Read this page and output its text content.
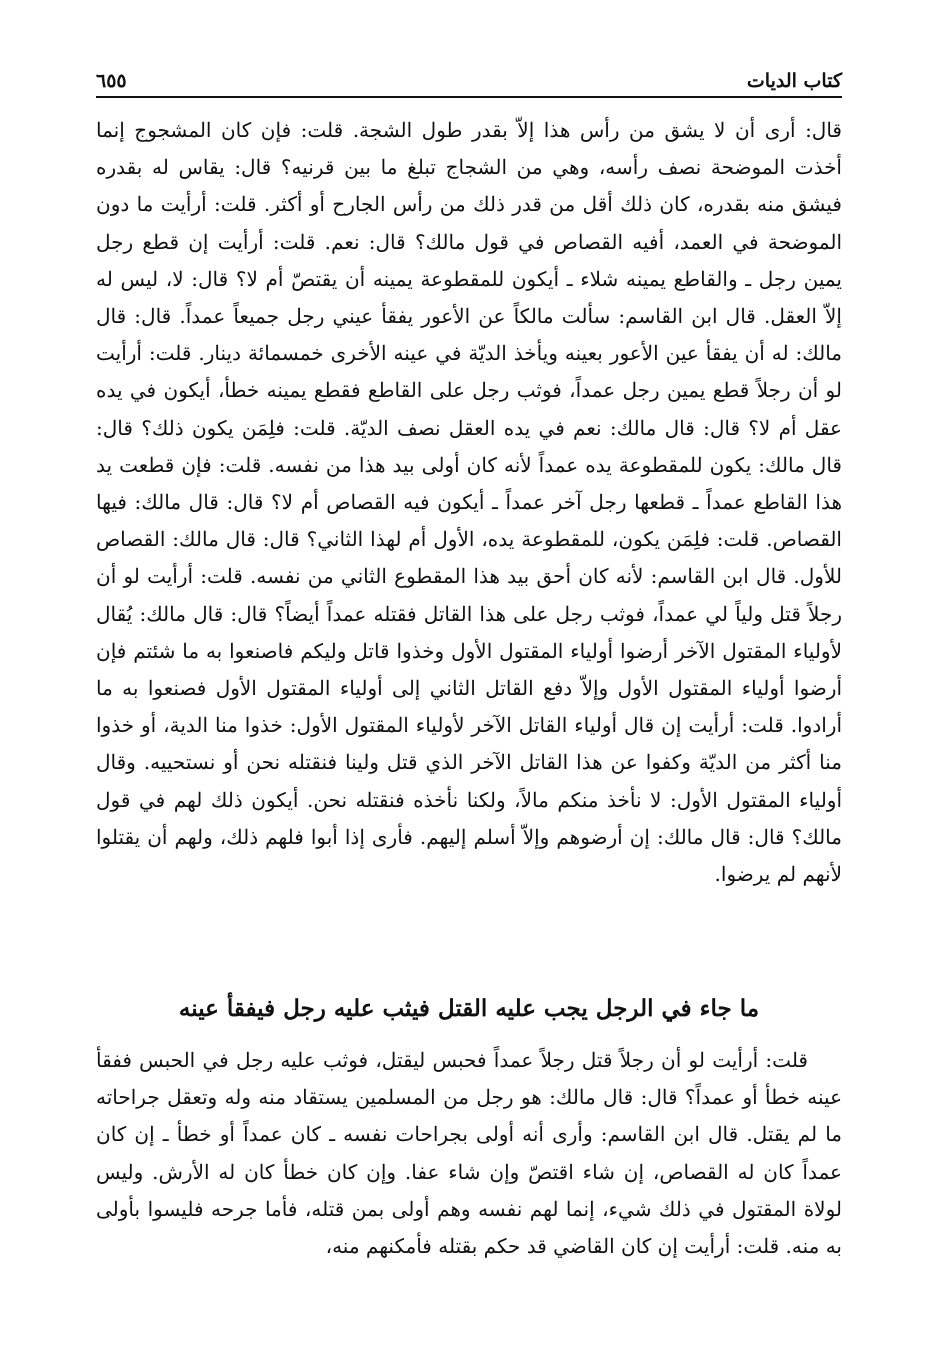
كتاب الديات
٦٥٥

قال: أرى أن لا يشق من رأس هذا إلاّ بقدر طول الشجة. قلت: فإن كان المشجوج إنما أخذت الموضحة نصف رأسه، وهي من الشجاج تبلغ ما بين قرنيه؟ قال: يقاس له بقدره فيشق منه بقدره، كان ذلك أقل من قدر ذلك من رأس الجارح أو أكثر. قلت: أرأيت ما دون الموضحة في العمد، أفيه القصاص في قول مالك؟ قال: نعم. قلت: أرأيت إن قطع رجل يمين رجل ـ والقاطع يمينه شلاء ـ أيكون للمقطوعة يمينه أن يقتصّ أم لا؟ قال: لا، ليس له إلاّ العقل. قال ابن القاسم: سألت مالكاً عن الأعور يفقأ عيني رجل جميعاً عمداً. قال: قال مالك: له أن يفقأ عين الأعور بعينه ويأخذ الديّة في عينه الأخرى خمسمائة دينار. قلت: أرأيت لو أن رجلاً قطع يمين رجل عمداً، فوثب رجل على القاطع فقطع يمينه خطأ، أيكون في يده عقل أم لا؟ قال: قال مالك: نعم في يده العقل نصف الديّة. قلت: فلِمَن يكون ذلك؟ قال: قال مالك: يكون للمقطوعة يده عمداً لأنه كان أولى بيد هذا من نفسه. قلت: فإن قطعت يد هذا القاطع عمداً ـ قطعها رجل آخر عمداً ـ أيكون فيه القصاص أم لا؟ قال: قال مالك: فيها القصاص. قلت: فلِمَن يكون، للمقطوعة يده، الأول أم لهذا الثاني؟ قال: قال مالك: القصاص للأول. قال ابن القاسم: لأنه كان أحق بيد هذا المقطوع الثاني من نفسه. قلت: أرأيت لو أن رجلاً قتل ولياً لي عمداً، فوثب رجل على هذا القاتل فقتله عمداً أيضاً؟ قال: قال مالك: يُقال لأولياء المقتول الآخر أرضوا أولياء المقتول الأول وخذوا قاتل وليكم فاصنعوا به ما شئتم فإن أرضوا أولياء المقتول الأول وإلاّ دفع القاتل الثاني إلى أولياء المقتول الأول فصنعوا به ما أرادوا. قلت: أرأيت إن قال أولياء القاتل الآخر لأولياء المقتول الأول: خذوا منا الدية، أو خذوا منا أكثر من الديّة وكفوا عن هذا القاتل الآخر الذي قتل ولينا فنقتله نحن أو نستحييه. وقال أولياء المقتول الأول: لا نأخذ منكم مالاً، ولكنا نأخذه فنقتله نحن. أيكون ذلك لهم في قول مالك؟ قال: قال مالك: إن أرضوهم وإلاّ أسلم إليهم. فأرى إذا أبوا فلهم ذلك، ولهم أن يقتلوا لأنهم لم يرضوا.

ما جاء في الرجل يجب عليه القتل فيثب عليه رجل فيفقأ عينه

قلت: أرأيت لو أن رجلاً قتل رجلاً عمداً فحبس ليقتل، فوثب عليه رجل في الحبس ففقأ عينه خطأ أو عمداً؟ قال: قال مالك: هو رجل من المسلمين يستقاد منه وله وتعقل جراحاته ما لم يقتل. قال ابن القاسم: وأرى أنه أولى بجراحات نفسه ـ كان عمداً أو خطأ ـ إن كان عمداً كان له القصاص، إن شاء اقتصّ وإن شاء عفا. وإن كان خطأ كان له الأرش. وليس لولاة المقتول في ذلك شيء، إنما لهم نفسه وهم أولى بمن قتله، فأما جرحه فليسوا بأولى به منه. قلت: أرأيت إن كان القاضي قد حكم بقتله فأمكنهم منه،
